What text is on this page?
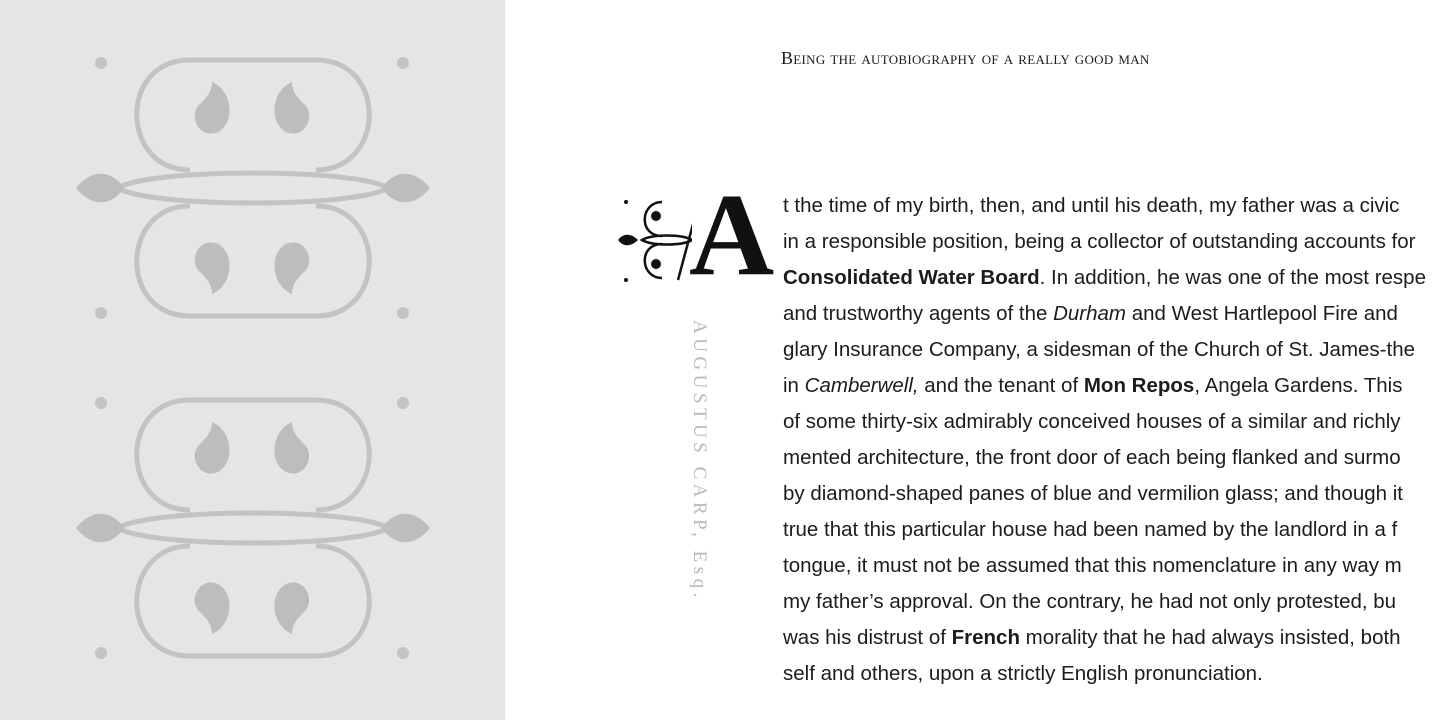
Being the autobiography of a really good man
A
AUGUSTUS CARP, Esq.
t the time of my birth, then, and until his death, my father was a civic
in a responsible position, being a collector of outstanding accounts for
Consolidated Water Board. In addition, he was one of the most respe
and trustworthy agents of the Durham and West Hartlepool Fire and
glary Insurance Company, a sidesman of the Church of St. James-the
in Camberwell, and the tenant of Mon Repos, Angela Gardens. This
of some thirty-six admirably conceived houses of a similar and richly
mented architecture, the front door of each being flanked and surmo
by diamond-shaped panes of blue and vermilion glass; and though it
true that this particular house had been named by the landlord in a f
tongue, it must not be assumed that this nomenclature in any way m
my father’s approval. On the contrary, he had not only protested, bu
was his distrust of French morality that he had always insisted, both
self and others, upon a strictly English pronunciation.
